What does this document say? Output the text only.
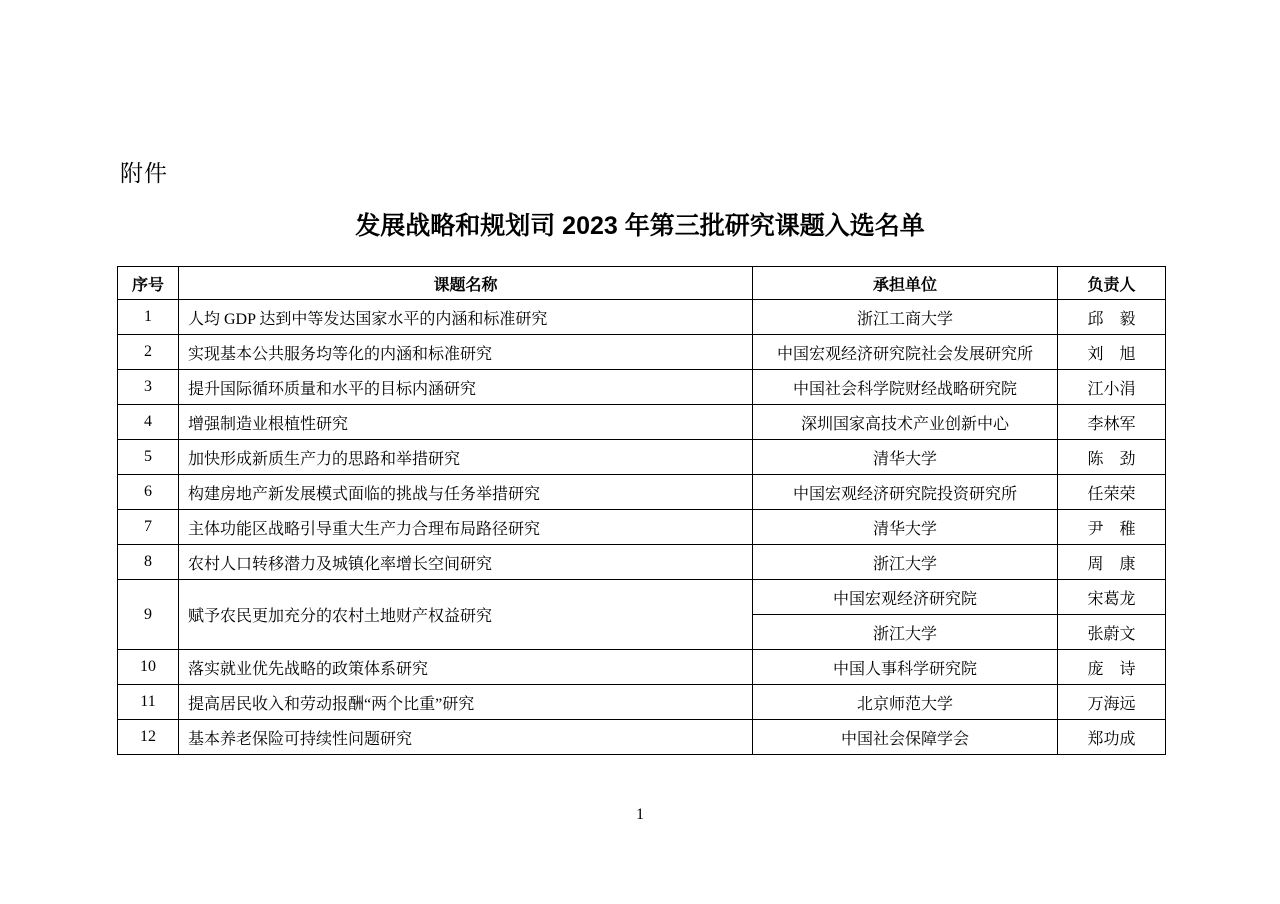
附件
发展战略和规划司 2023 年第三批研究课题入选名单
序号	课题名称	承担单位	负责人
1	人均 GDP 达到中等发达国家水平的内涵和标准研究	浙江工商大学	邱　毅
2	实现基本公共服务均等化的内涵和标准研究	中国宏观经济研究院社会发展研究所	刘　旭
3	提升国际循环质量和水平的目标内涵研究	中国社会科学院财经战略研究院	江小涓
4	增强制造业根植性研究	深圳国家高技术产业创新中心	李林军
5	加快形成新质生产力的思路和举措研究	清华大学	陈　劲
6	构建房地产新发展模式面临的挑战与任务举措研究	中国宏观经济研究院投资研究所	任荣荣
7	主体功能区战略引导重大生产力合理布局路径研究	清华大学	尹　稚
8	农村人口转移潜力及城镇化率增长空间研究	浙江大学	周　康
9	赋予农民更加充分的农村土地财产权益研究	中国宏观经济研究院	宋葛龙
		浙江大学	张蔚文
10	落实就业优先战略的政策体系研究	中国人事科学研究院	庞　诗
11	提高居民收入和劳动报酬“两个比重”研究	北京师范大学	万海远
12	基本养老保险可持续性问题研究	中国社会保障学会	郑功成
1
